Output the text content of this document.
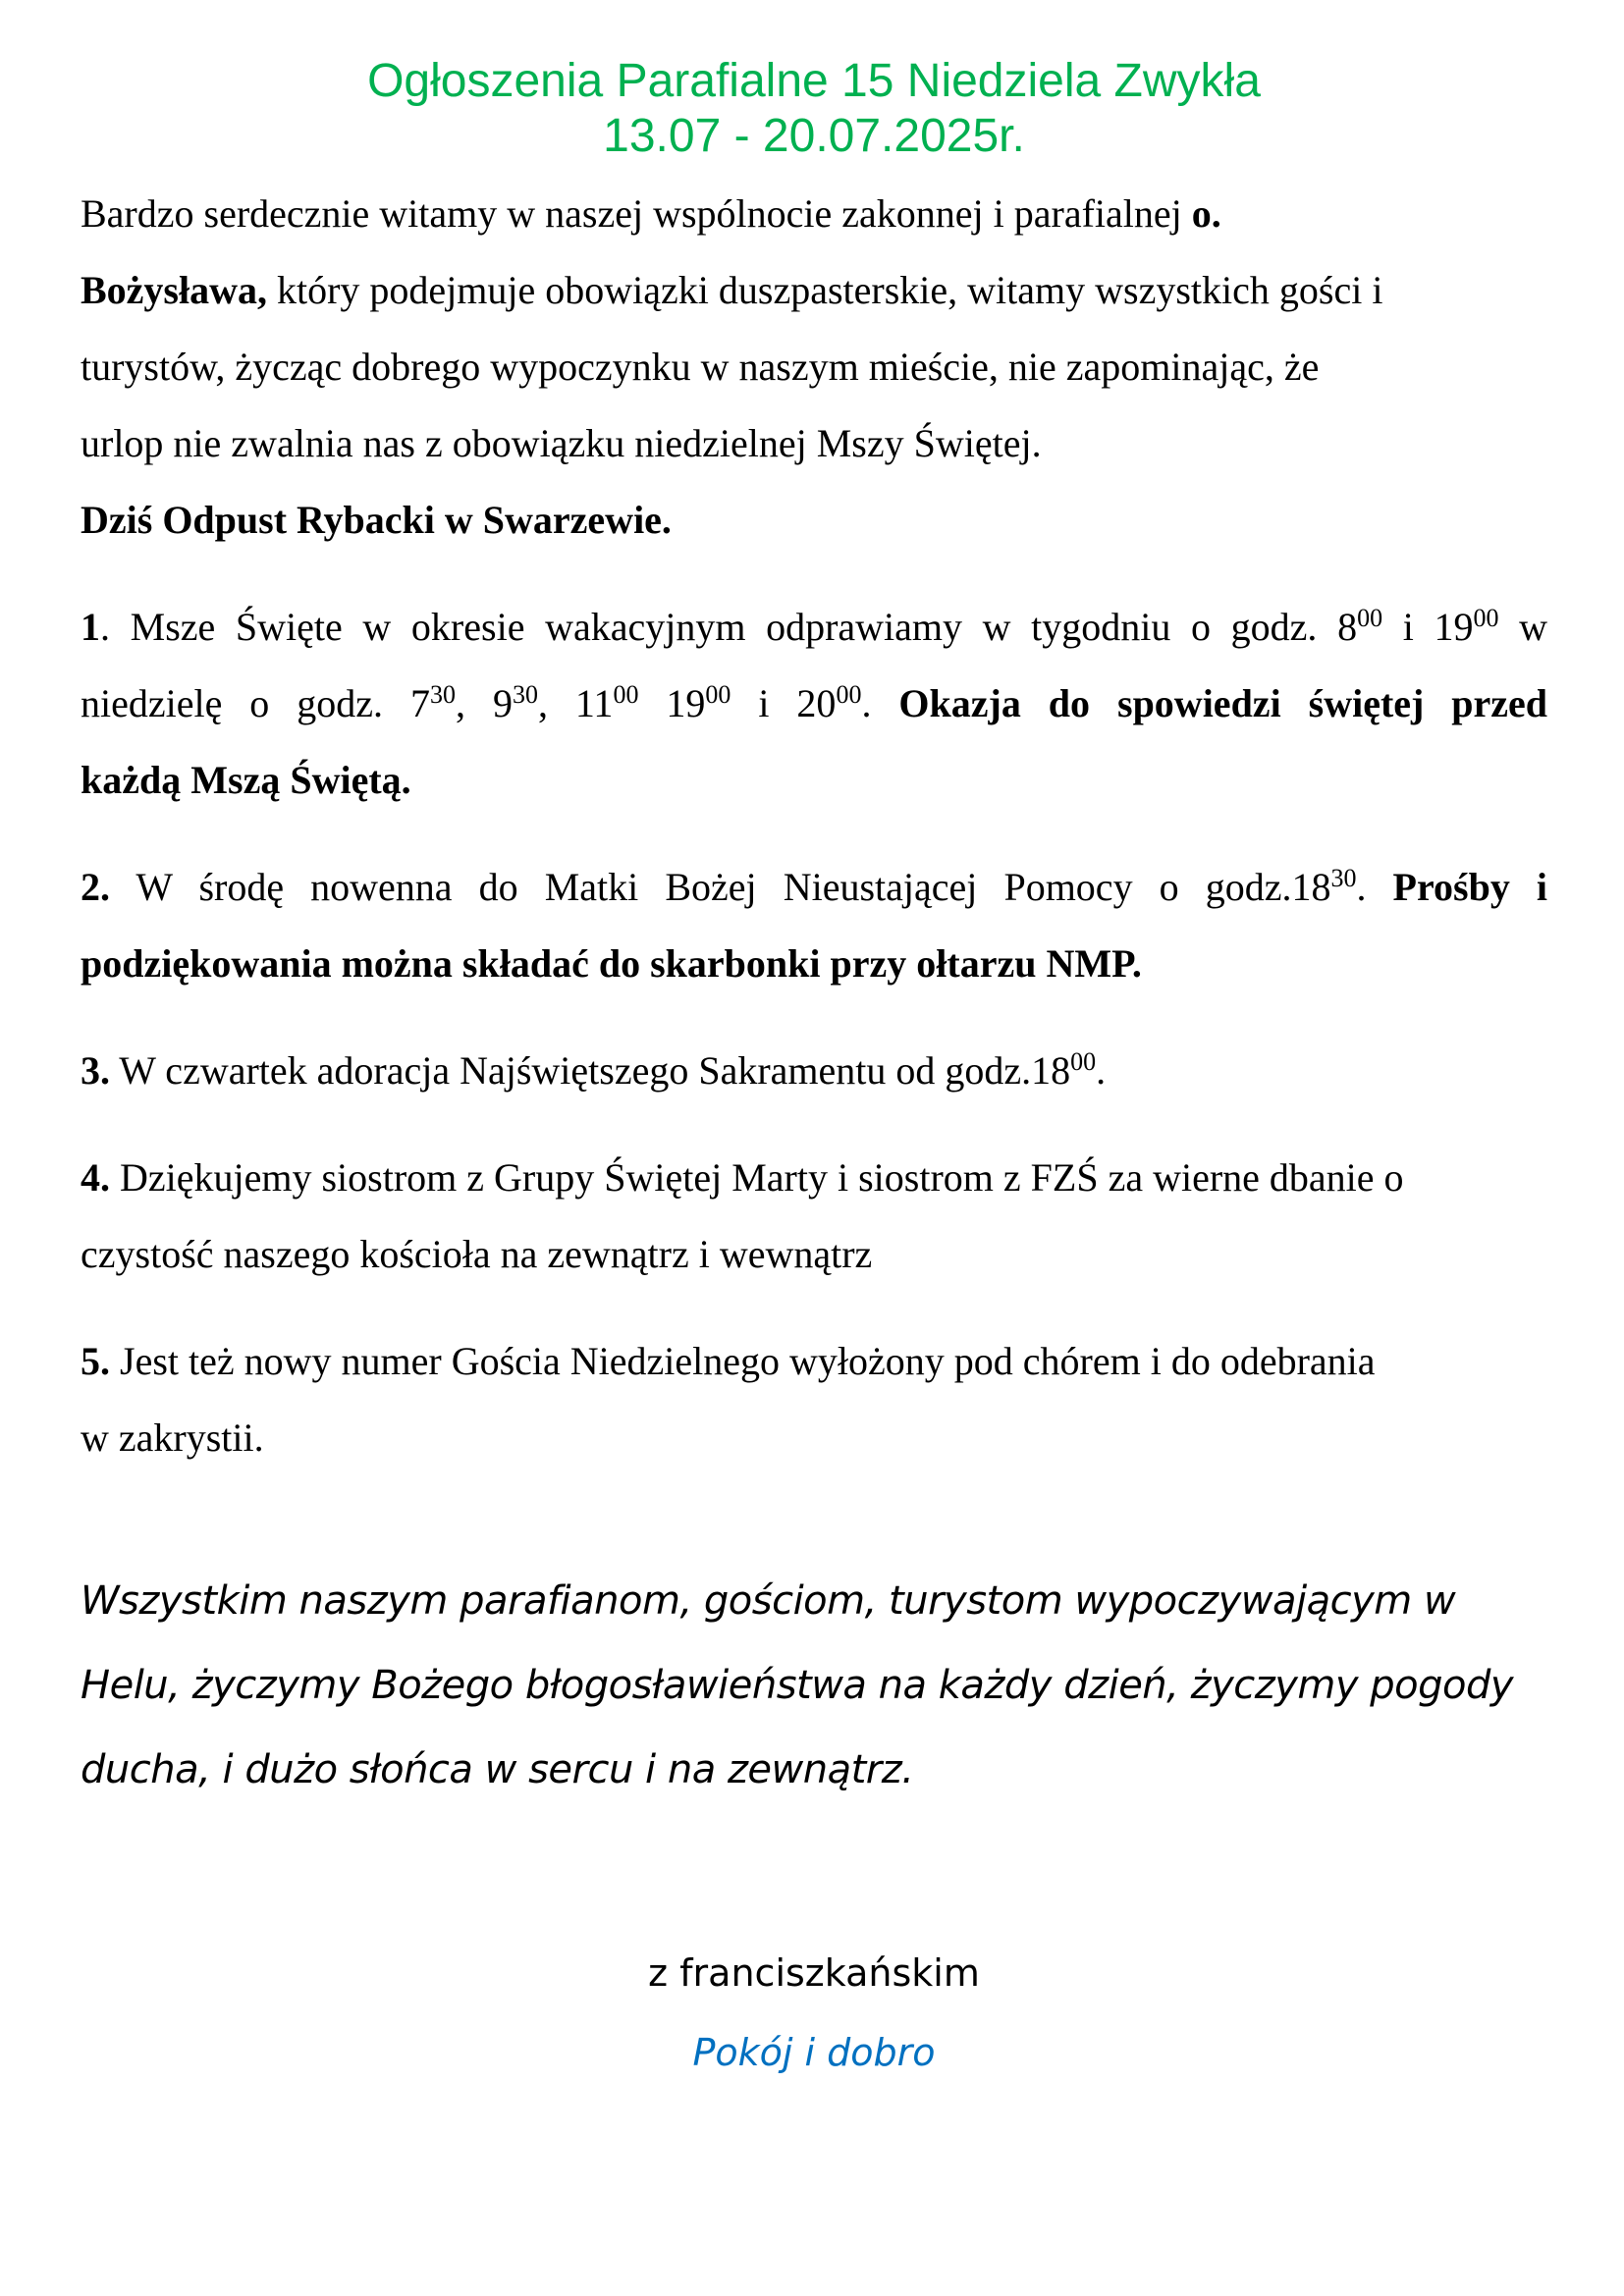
Ogłoszenia Parafialne 15 Niedziela Zwykła
13.07 - 20.07.2025r.
Bardzo serdecznie witamy w naszej wspólnocie zakonnej i parafialnej o.
Bożysława, który podejmuje obowiązki duszpasterskie, witamy wszystkich gości i
turystów, życząc dobrego wypoczynku w naszym mieście, nie zapominając, że
urlop nie zwalnia nas z obowiązku niedzielnej Mszy Świętej.
Dziś Odpust Rybacki w Swarzewie.
1. Msze Święte w okresie wakacyjnym odprawiamy w tygodniu o godz. $8^{00}$ i $19^{00}$ w
niedzielę o godz. $7^{30}$, $9^{30}$, $11^{00}$ $19^{00}$ i $20^{00}$. Okazja do spowiedzi świętej przed
każdą Mszą Świętą.
2. W środę nowenna do Matki Bożej Nieustającej Pomocy o $godz.18^{30}$. Prośby i
podziękowania można składać do skarbonki przy ołtarzu NMP.
3. W czwartek adoracja Najświętszego Sakramentu od $godz.18^{00}$.
4. Dziękujemy siostrom z Grupy Świętej Marty i siostrom z FZŚ za wierne dbanie o
czystość naszego kościoła na zewnątrz i wewnątrz
5. Jest też nowy numer Gościa Niedzielnego wyłożony pod chórem i do odebrania
w zakrystii.
Wszystkim naszym parafianom, gościom, turystom wypoczywającym w
Helu, życzymy Bożego błogosławieństwa na każdy dzień, życzymy pogody
ducha, i dużo słońca w sercu i na zewnątrz.
z franciszkańskim
Pokój i dobro
